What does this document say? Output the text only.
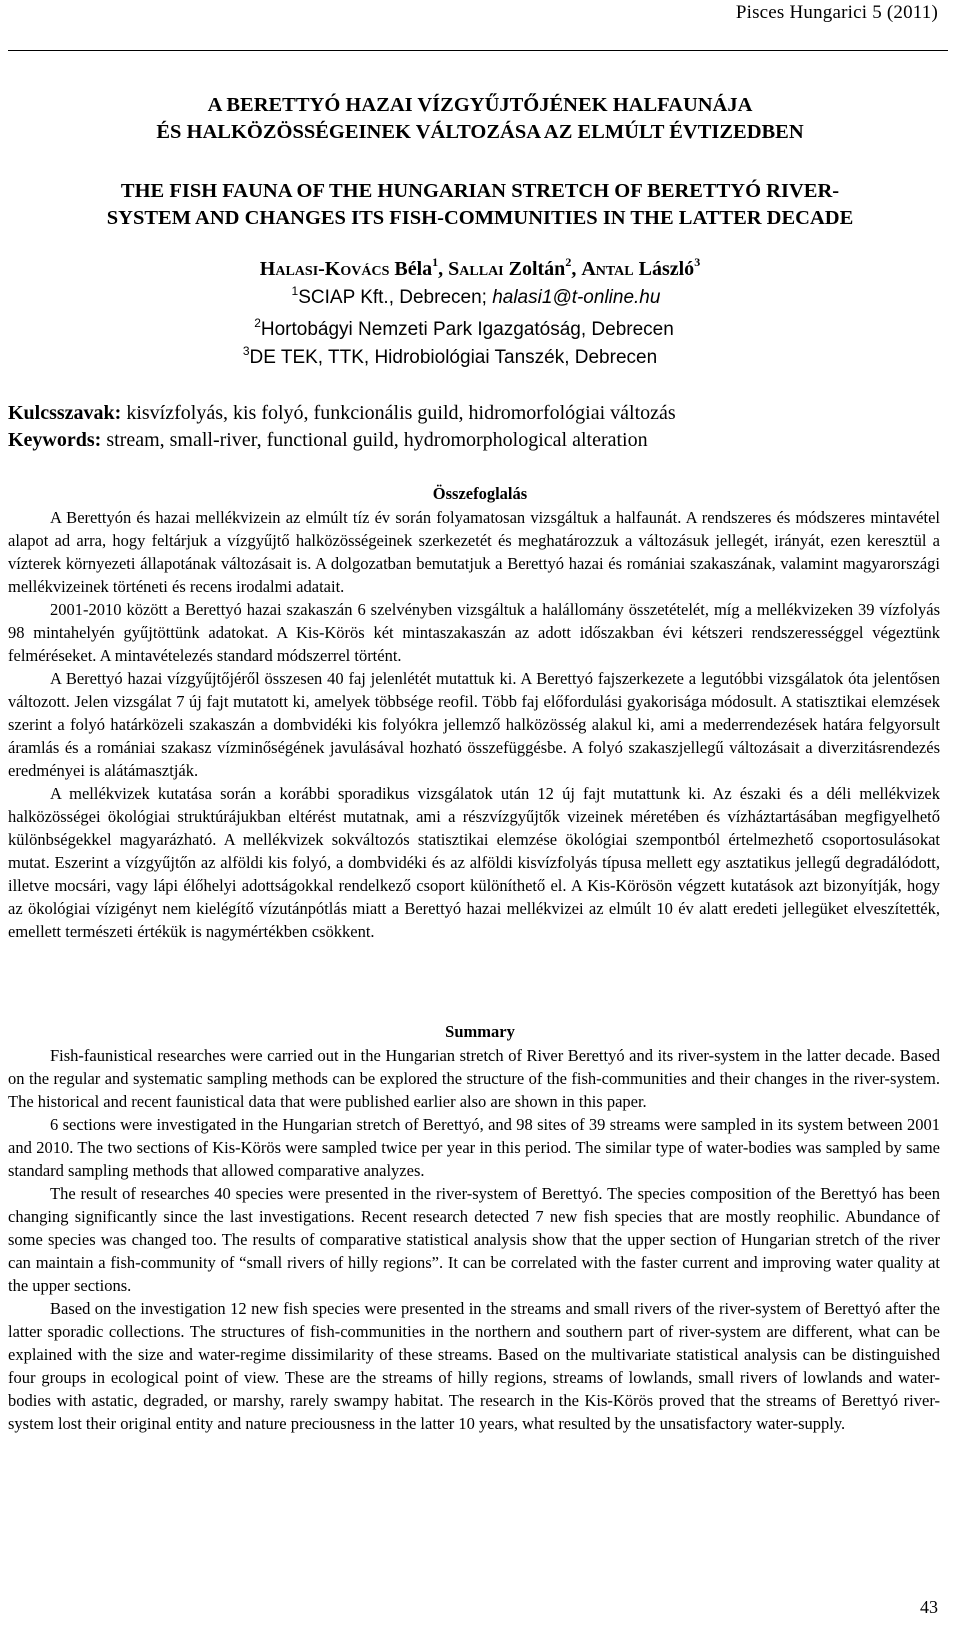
Pisces Hungarici 5 (2011)
A BERETTYÓ HAZAI VÍZGYŰJTŐJÉNEK HALFAUNÁJA
ÉS HALKÖZÖSSÉGEINEK VÁLTOZÁSA AZ ELMÚLT ÉVTIZEDBEN
THE FISH FAUNA OF THE HUNGARIAN STRETCH OF BERETTYÓ RIVER-
SYSTEM AND CHANGES ITS FISH-COMMUNITIES IN THE LATTER DECADE
Halasi-Kovács Béla$^1$, Sallai Zoltán$^2$, Antal László$^3$
$^1$SCIAP Kft., Debrecen; halasi1@t-online.hu
$^2$Hortobágyi Nemzeti Park Igazgatóság, Debrecen
$^3$DE TEK, TTK, Hidrobiológiai Tanszék, Debrecen
Kulcsszavak: kisvízfolyás, kis folyó, funkcionális guild, hidromorfológiai változás
Keywords: stream, small-river, functional guild, hydromorphological alteration
Összefoglalás

A Berettyón és hazai mellékvizein az elmúlt tíz év során folyamatosan vizsgáltuk a halfaunát. A rendszeres és módszeres mintavétel alapot ad arra, hogy feltárjuk a vízgyűjtő halközösségeinek szerkezetét és meghatározzuk a változásuk jellegét, irányát, ezen keresztül a vízterek környezeti állapotának változásait is. A dolgozatban bemutatjuk a Berettyó hazai és romániai szakaszának, valamint magyarországi mellékvizeinek történeti és recens irodalmi adatait.

2001-2010 között a Berettyó hazai szakaszán 6 szelvényben vizsgáltuk a halállomány összetételét, míg a mellékvizeken 39 vízfolyás 98 mintahelyén gyűjtöttünk adatokat. A Kis-Körös két mintaszakaszán az adott időszakban évi kétszeri rendszerességgel végeztünk felméréseket. A mintavételezés standard módszerrel történt.

A Berettyó hazai vízgyűjtőjéről összesen 40 faj jelenlétét mutattuk ki. A Berettyó fajszerkezete a legutóbbi vizsgálatok óta jelentősen változott. Jelen vizsgálat 7 új fajt mutatott ki, amelyek többsége reofil. Több faj előfordulási gyakorisága módosult. A statisztikai elemzések szerint a folyó határközeli szakaszán a dombvidéki kis folyókra jellemző halközösség alakul ki, ami a mederrendezések határa felgyorsult áramlás és a romániai szakasz vízminőségének javulásával hozható összefüggésbe. A folyó szakaszjellegű változásait a diverzitásrendezés eredményei is alátámasztják.

A mellékvizek kutatása során a korábbi sporadikus vizsgálatok után 12 új fajt mutattunk ki. Az északi és a déli mellékvizek halközösségei ökológiai struktúrájukban eltérést mutatnak, ami a részvízgyűjtők vizeinek méretében és vízháztartásában megfigyelhető különbségekkel magyarázható. A mellékvizek sokváltozós statisztikai elemzése ökológiai szempontból értelmezhető csoportosulásokat mutat. Eszerint a vízgyűjtőn az alföldi kis folyó, a dombvidéki és az alföldi kisvízfolyás típusa mellett egy asztatikus jellegű degradálódott, illetve mocsári, vagy lápi élőhelyi adottságokkal rendelkező csoport különíthető el. A Kis-Körösön végzett kutatások azt bizonyítják, hogy az ökológiai vízigényt nem kielégítő vízutánpótlás miatt a Berettyó hazai mellékvizei az elmúlt 10 év alatt eredeti jellegüket elveszítették, emellett természeti értékük is nagymértékben csökkent.

Summary

Fish-faunistical researches were carried out in the Hungarian stretch of River Berettyó and its river-system in the latter decade. Based on the regular and systematic sampling methods can be explored the structure of the fish-communities and their changes in the river-system. The historical and recent faunistical data that were published earlier also are shown in this paper.

6 sections were investigated in the Hungarian stretch of Berettyó, and 98 sites of 39 streams were sampled in its system between 2001 and 2010. The two sections of Kis-Körös were sampled twice per year in this period. The similar type of water-bodies was sampled by same standard sampling methods that allowed comparative analyzes.

The result of researches 40 species were presented in the river-system of Berettyó. The species composition of the Berettyó has been changing significantly since the last investigations. Recent research detected 7 new fish species that are mostly reophilic. Abundance of some species was changed too. The results of comparative statistical analysis show that the upper section of Hungarian stretch of the river can maintain a fish-community of “small rivers of hilly regions”. It can be correlated with the faster current and improving water quality at the upper sections.

Based on the investigation 12 new fish species were presented in the streams and small rivers of the river-system of Berettyó after the latter sporadic collections. The structures of fish-communities in the northern and southern part of river-system are different, what can be explained with the size and water-regime dissimilarity of these streams. Based on the multivariate statistical analysis can be distinguished four groups in ecological point of view. These are the streams of hilly regions, streams of lowlands, small rivers of lowlands and water-bodies with astatic, degraded, or marshy, rarely swampy habitat. The research in the Kis-Körös proved that the streams of Berettyó river-system lost their original entity and nature preciousness in the latter 10 years, what resulted by the unsatisfactory water-supply.

43
